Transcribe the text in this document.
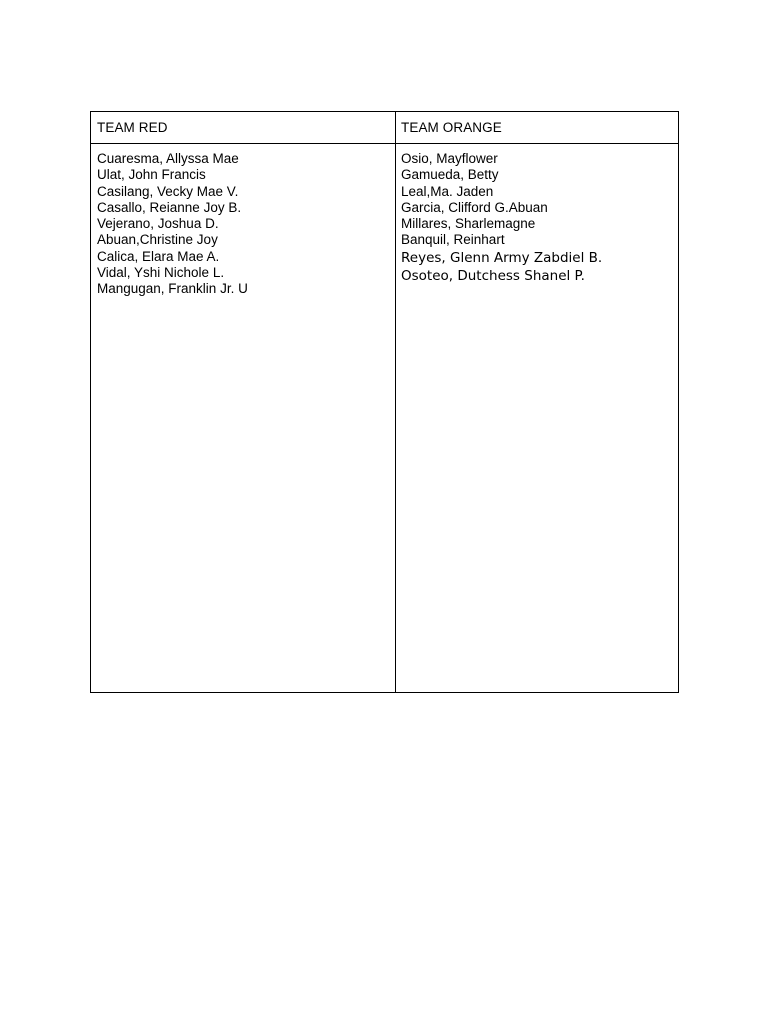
TEAM RED	TEAM ORANGE
Cuaresma, Allyssa Mae
Ulat, John Francis
Casilang, Vecky Mae V.
Casallo, Reianne Joy B.
Vejerano, Joshua D.
Abuan,Christine Joy
Calica, Elara Mae A.
Vidal, Yshi Nichole L.
Mangugan, Franklin Jr. U
Osio, Mayflower
Gamueda, Betty
Leal,Ma. Jaden
Garcia, Clifford G.Abuan
Millares, Sharlemagne
Banquil, Reinhart
Reyes, Glenn Army Zabdiel B.
Osoteo, Dutchess Shanel P.
